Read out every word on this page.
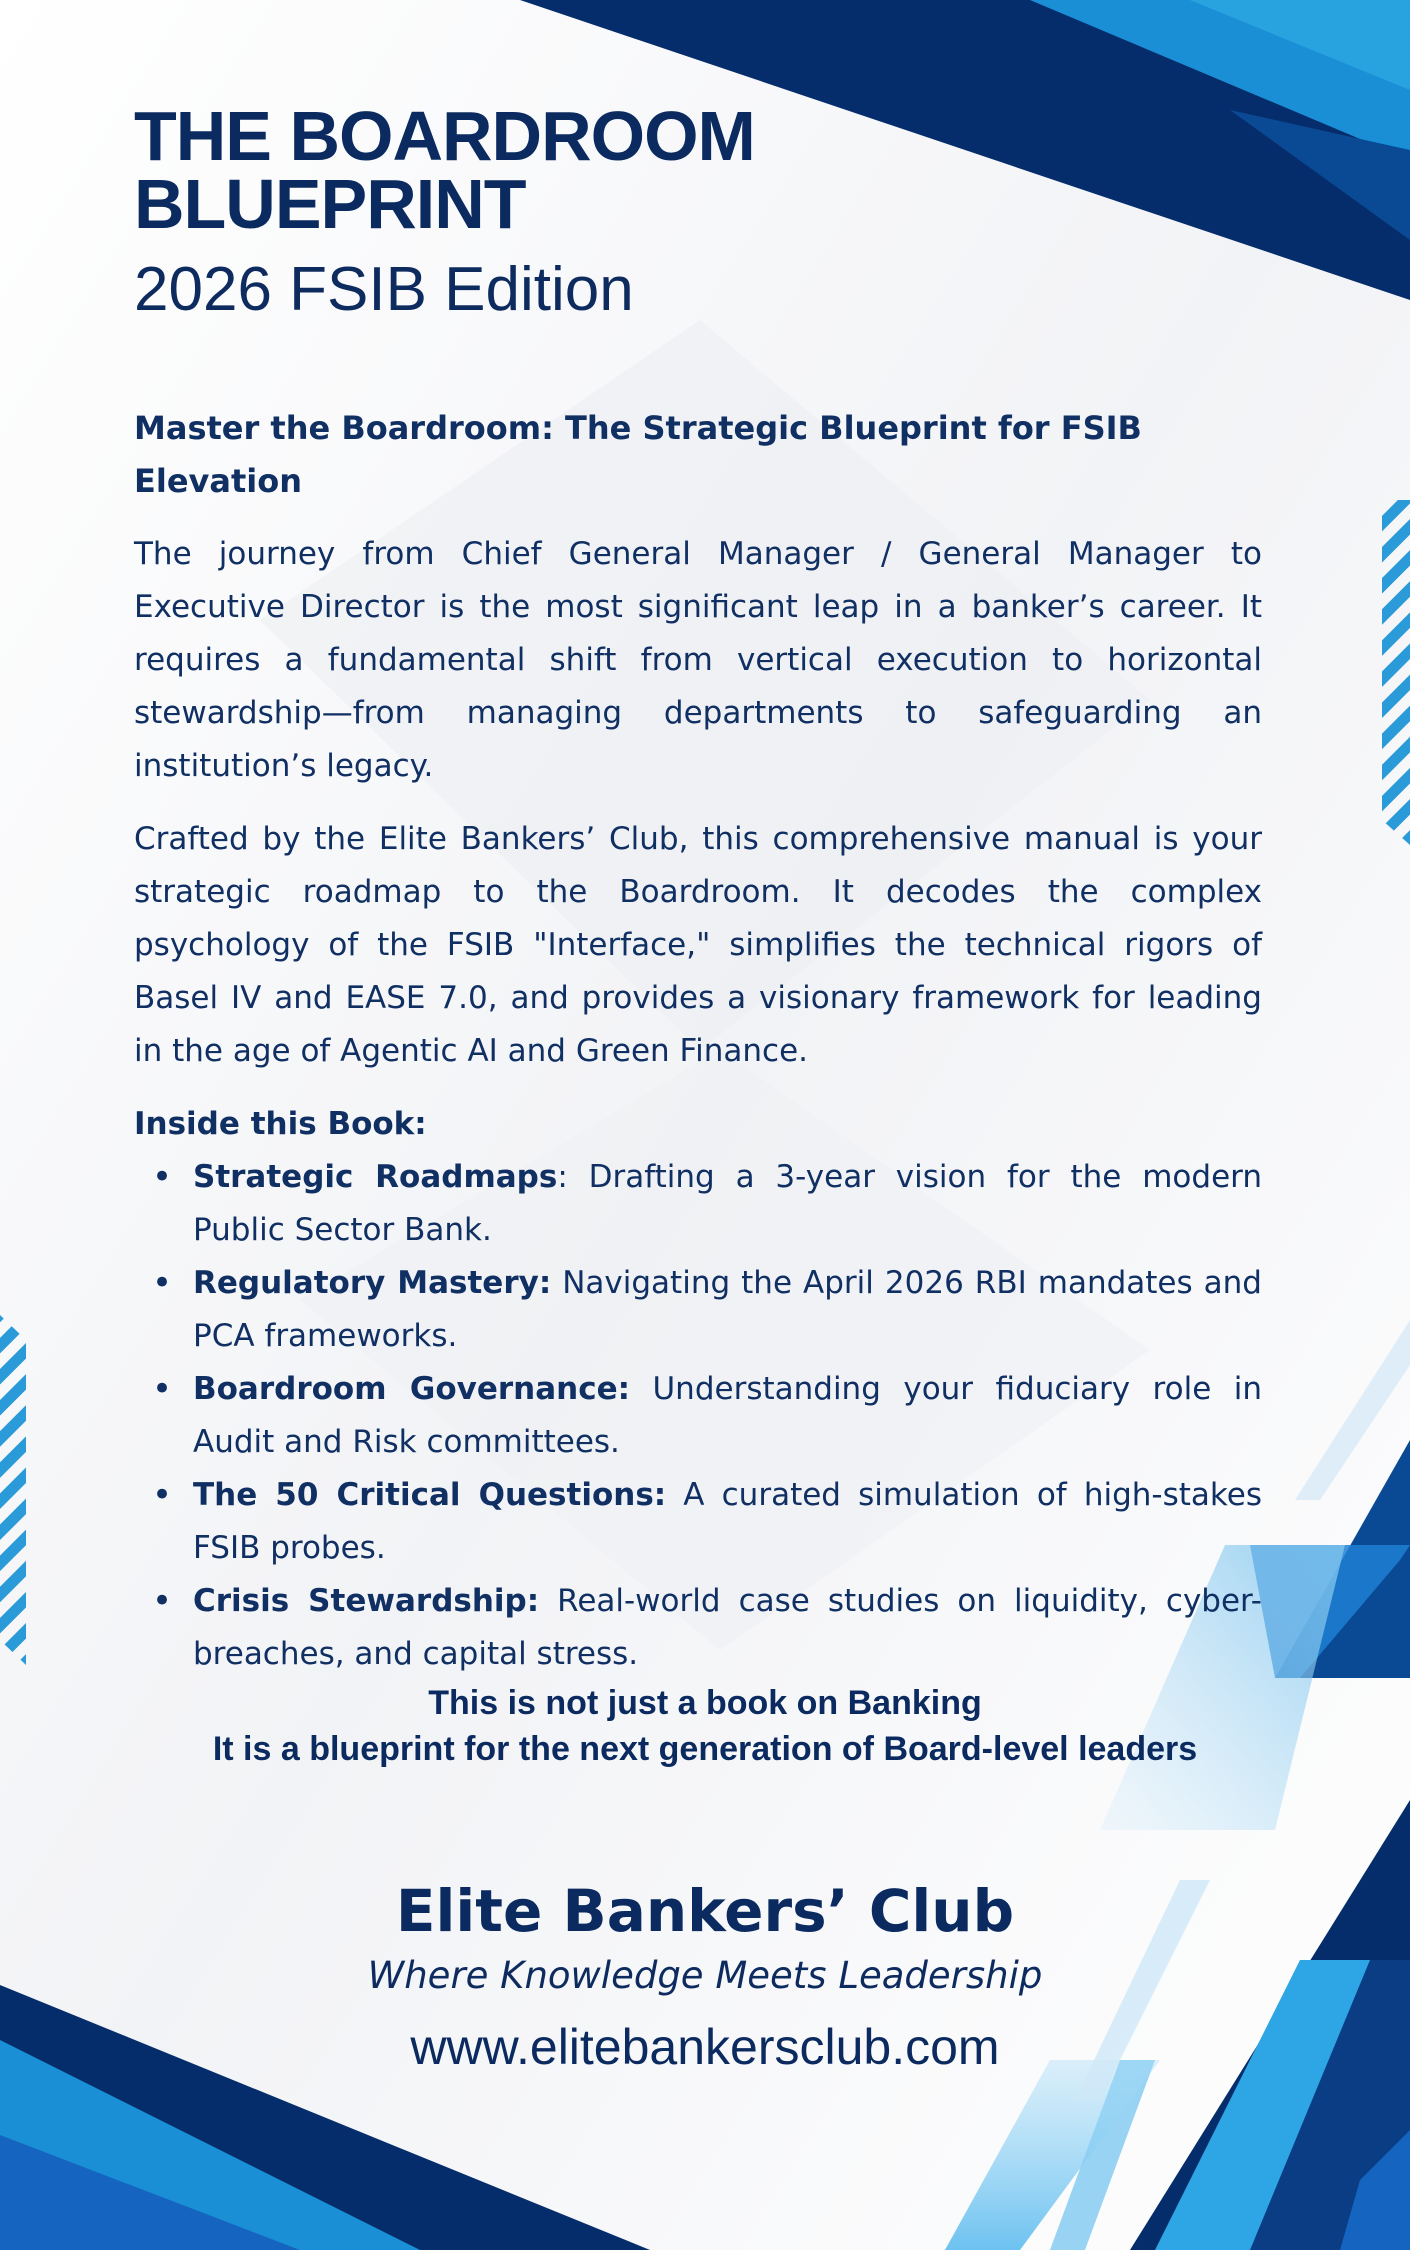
THE BOARDROOM BLUEPRINT
2026 FSIB Edition
Master the Boardroom: The Strategic Blueprint for FSIB Elevation

The journey from Chief General Manager / General Manager to Executive Director is the most significant leap in a banker’s career. It requires a fundamental shift from vertical execution to horizontal stewardship—from managing departments to safeguarding an institution’s legacy.

Crafted by the Elite Bankers’ Club, this comprehensive manual is your strategic roadmap to the Boardroom. It decodes the complex psychology of the FSIB "Interface," simplifies the technical rigors of Basel IV and EASE 7.0, and provides a visionary framework for leading in the age of Agentic AI and Green Finance.

Inside this Book:
• Strategic Roadmaps: Drafting a 3-year vision for the modern Public Sector Bank.
• Regulatory Mastery: Navigating the April 2026 RBI mandates and PCA frameworks.
• Boardroom Governance: Understanding your fiduciary role in Audit and Risk committees.
• The 50 Critical Questions: A curated simulation of high-stakes FSIB probes.
• Crisis Stewardship: Real-world case studies on liquidity, cyber-breaches, and capital stress.
This is not just a book on Banking
It is a blueprint for the next generation of Board-level leaders
Elite Bankers’ Club
Where Knowledge Meets Leadership
www.elitebankersclub.com
